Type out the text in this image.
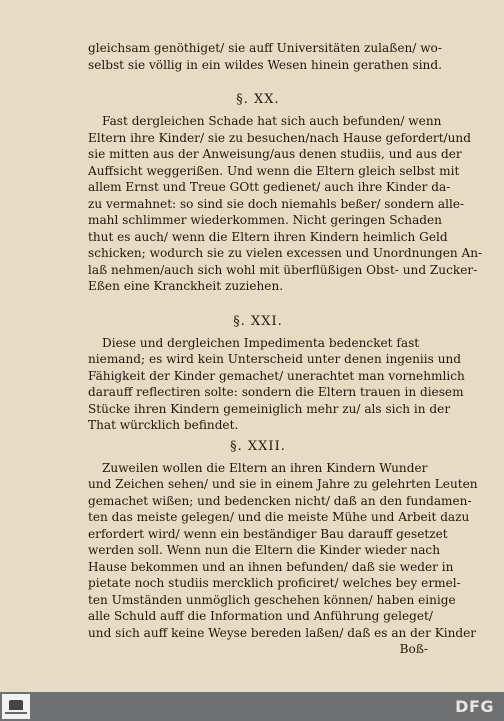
gleichsam genöthiget/ sie auff Universitäten zulaßen/ wo-
selbst sie völlig in ein wildes Wesen hinein gerathen sind.
§. XX.
Fast dergleichen Schade hat sich auch befunden/ wenn
Eltern ihre Kinder/ sie zu besuchen/nach Hause gefordert/und
sie mitten aus der Anweisung/aus denen studiis, und aus der
Auffsicht weggerißen. Und wenn die Eltern gleich selbst mit
allem Ernst und Treue GOtt gedienet/ auch ihre Kinder da-
zu vermahnet: so sind sie doch niemahls beßer/ sondern alle-
mahl schlimmer wiederkommen. Nicht geringen Schaden
thut es auch/ wenn die Eltern ihren Kindern heimlich Geld
schicken; wodurch sie zu vielen excessen und Unordnungen An-
laß nehmen/auch sich wohl mit überflüßigen Obst- und Zucker-
Eßen eine Kranckheit zuziehen.
§. XXI.
Diese und dergleichen Impedimenta bedencket fast
niemand; es wird kein Unterscheid unter denen ingeniis und
Fähigkeit der Kinder gemachet/ unerachtet man vornehmlich
darauff reflectiren solte: sondern die Eltern trauen in diesem
Stücke ihren Kindern gemeiniglich mehr zu/ als sich in der
That würcklich befindet.
§. XXII.
Zuweilen wollen die Eltern an ihren Kindern Wunder
und Zeichen sehen/ und sie in einem Jahre zu gelehrten Leuten
gemachet wißen; und bedencken nicht/ daß an den fundamen-
ten das meiste gelegen/ und die meiste Mühe und Arbeit dazu
erfordert wird/ wenn ein beständiger Bau darauff gesetzet
werden soll. Wenn nun die Eltern die Kinder wieder nach
Hause bekommen und an ihnen befunden/ daß sie weder in
pietate noch studiis mercklich proficiret/ welches bey ermel-
ten Umständen unmöglich geschehen können/ haben einige
alle Schuld auff die Information und Anführung geleget/
und sich auff keine Weyse bereden laßen/ daß es an der Kinder
Boß-
DFG
